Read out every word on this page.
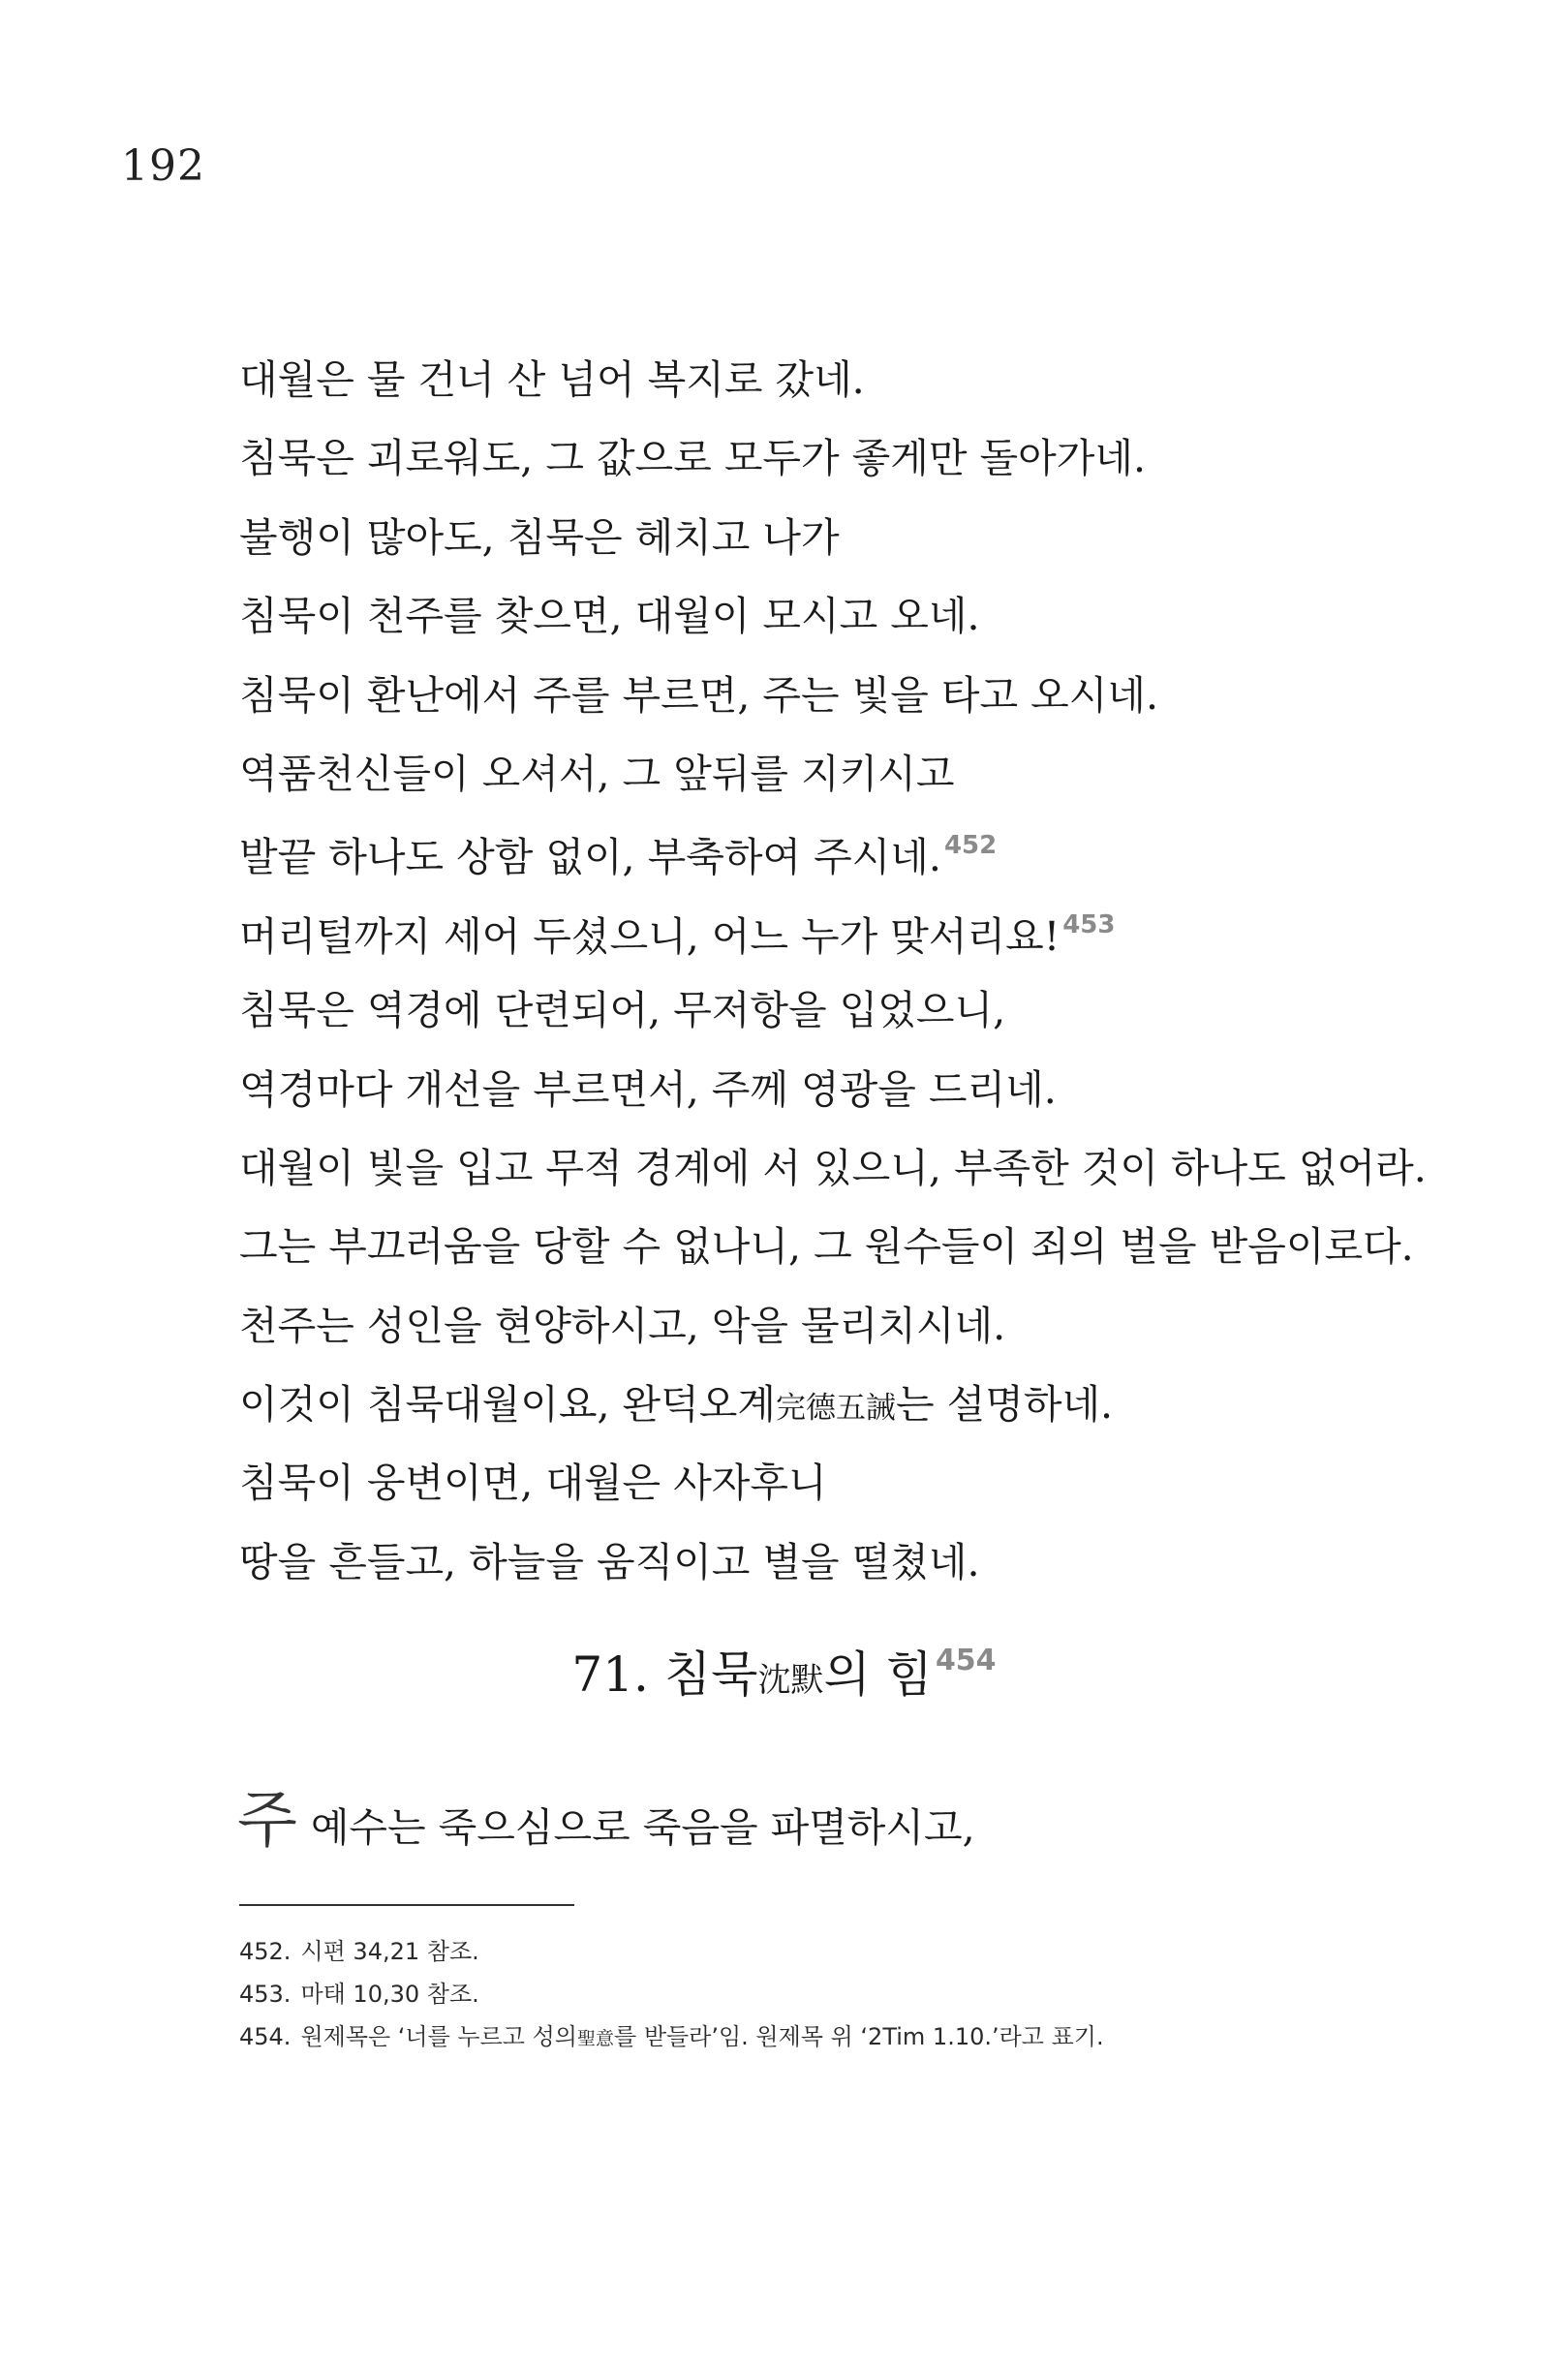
192
대월은 물 건너 산 넘어 복지로 갔네.
침묵은 괴로워도, 그 값으로 모두가 좋게만 돌아가네.
불행이 많아도, 침묵은 헤치고 나가
침묵이 천주를 찾으면, 대월이 모시고 오네.
침묵이 환난에서 주를 부르면, 주는 빛을 타고 오시네.
역품천신들이 오셔서, 그 앞뒤를 지키시고
발끝 하나도 상함 없이, 부축하여 주시네. $^{452}$
머리털까지 세어 두셨으니, 어느 누가 맞서리요! $^{453}$
침묵은 역경에 단련되어, 무저항을 입었으니,
역경마다 개선을 부르면서, 주께 영광을 드리네.
대월이 빛을 입고 무적 경계에 서 있으니, 부족한 것이 하나도 없어라.
그는 부끄러움을 당할 수 없나니, 그 원수들이 죄의 벌을 받음이로다.
천주는 성인을 현양하시고, 악을 물리치시네.
이것이 침묵대월이요, 완덕오계完德五誡는 설명하네.
침묵이 웅변이면, 대월은 사자후니
땅을 흔들고, 하늘을 움직이고 별을 떨쳤네.
71. 침묵沈默의 힘 $^{454}$
주예수는 죽으심으로 죽음을 파멸하시고,
452. 시편 34,21 참조.
453. 마태 10,30 참조.
454. 원제목은 ‘너를 누르고 성의聖意를 받들라’임. 원제목 위 ‘2Tim 1.10.’라고 표기.
